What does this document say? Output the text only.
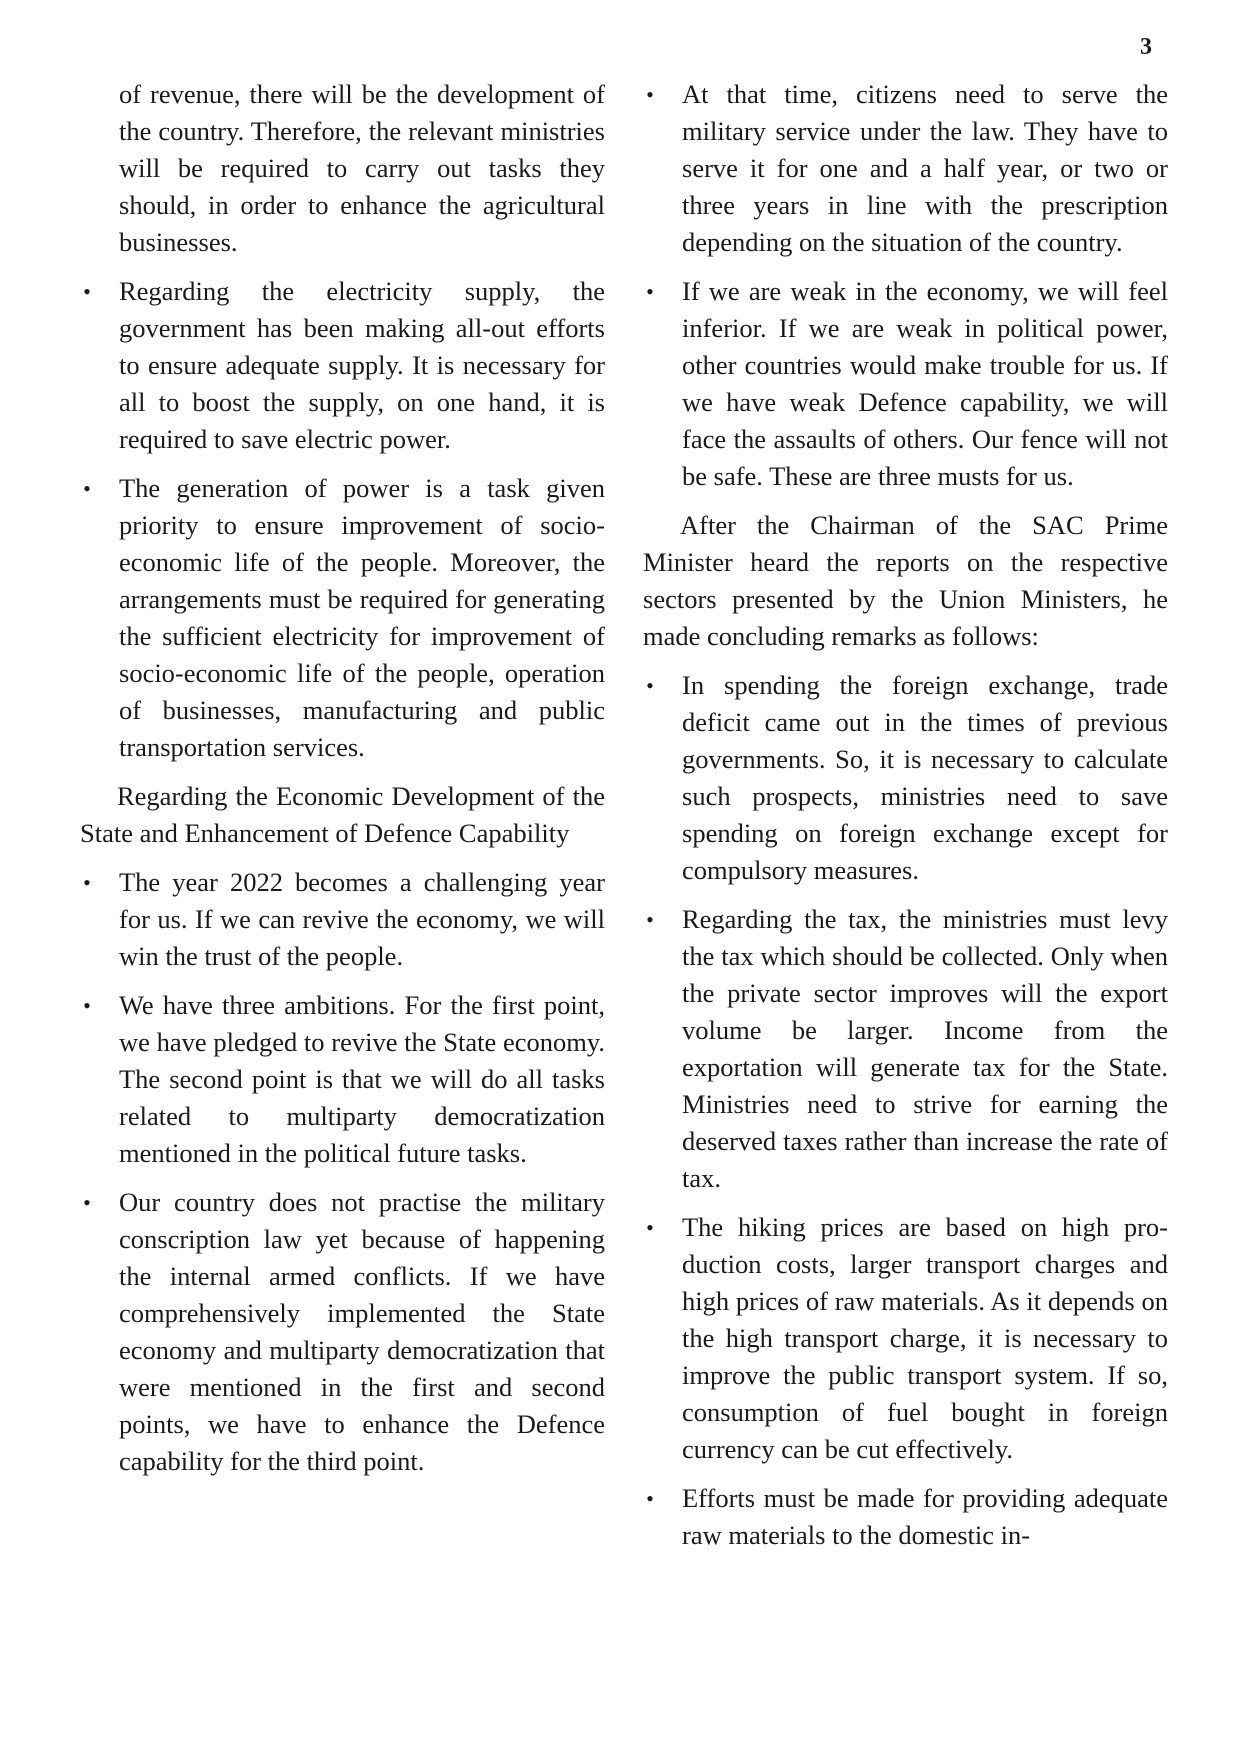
3

of revenue, there will be the development of the country. Therefore, the relevant ministries will be required to carry out tasks they should, in order to enhance the agricultural businesses.

• Regarding the electricity supply, the government has been making all-out efforts to ensure adequate supply. It is necessary for all to boost the supply, on one hand, it is required to save electric power.
• The generation of power is a task given priority to ensure improvement of socio-economic life of the people. Moreover, the arrangements must be required for generating the sufficient electricity for improvement of socio-economic life of the people, operation of businesses, manufacturing and public transportation services.

Regarding the Economic Development of the State and Enhancement of Defence Capability

• The year 2022 becomes a challenging year for us. If we can revive the economy, we will win the trust of the people.
• We have three ambitions. For the first point, we have pledged to revive the State economy. The second point is that we will do all tasks related to multiparty democratization mentioned in the political future tasks.
• Our country does not practise the military conscription law yet because of happening the internal armed conflicts. If we have comprehensively implemented the State economy and multiparty democratization that were mentioned in the first and second points, we have to enhance the Defence capability for the third point.
• At that time, citizens need to serve the military service under the law. They have to serve it for one and a half year, or two or three years in line with the prescription depending on the situation of the country.
• If we are weak in the economy, we will feel inferior. If we are weak in political power, other countries would make trouble for us. If we have weak Defence capability, we will face the assaults of others. Our fence will not be safe. These are three musts for us.

After the Chairman of the SAC Prime Minister heard the reports on the respective sectors presented by the Union Ministers, he made concluding remarks as follows:

• In spending the foreign exchange, trade deficit came out in the times of previous governments. So, it is necessary to calculate such prospects, ministries need to save spending on foreign exchange except for compulsory measures.
• Regarding the tax, the ministries must levy the tax which should be collected. Only when the private sector improves will the export volume be larger. Income from the exportation will generate tax for the State. Ministries need to strive for earning the deserved taxes rather than increase the rate of tax.
• The hiking prices are based on high production costs, larger transport charges and high prices of raw materials. As it depends on the high transport charge, it is necessary to improve the public transport system. If so, consumption of fuel bought in foreign currency can be cut effectively.
• Efforts must be made for providing adequate raw materials to the domestic in-
